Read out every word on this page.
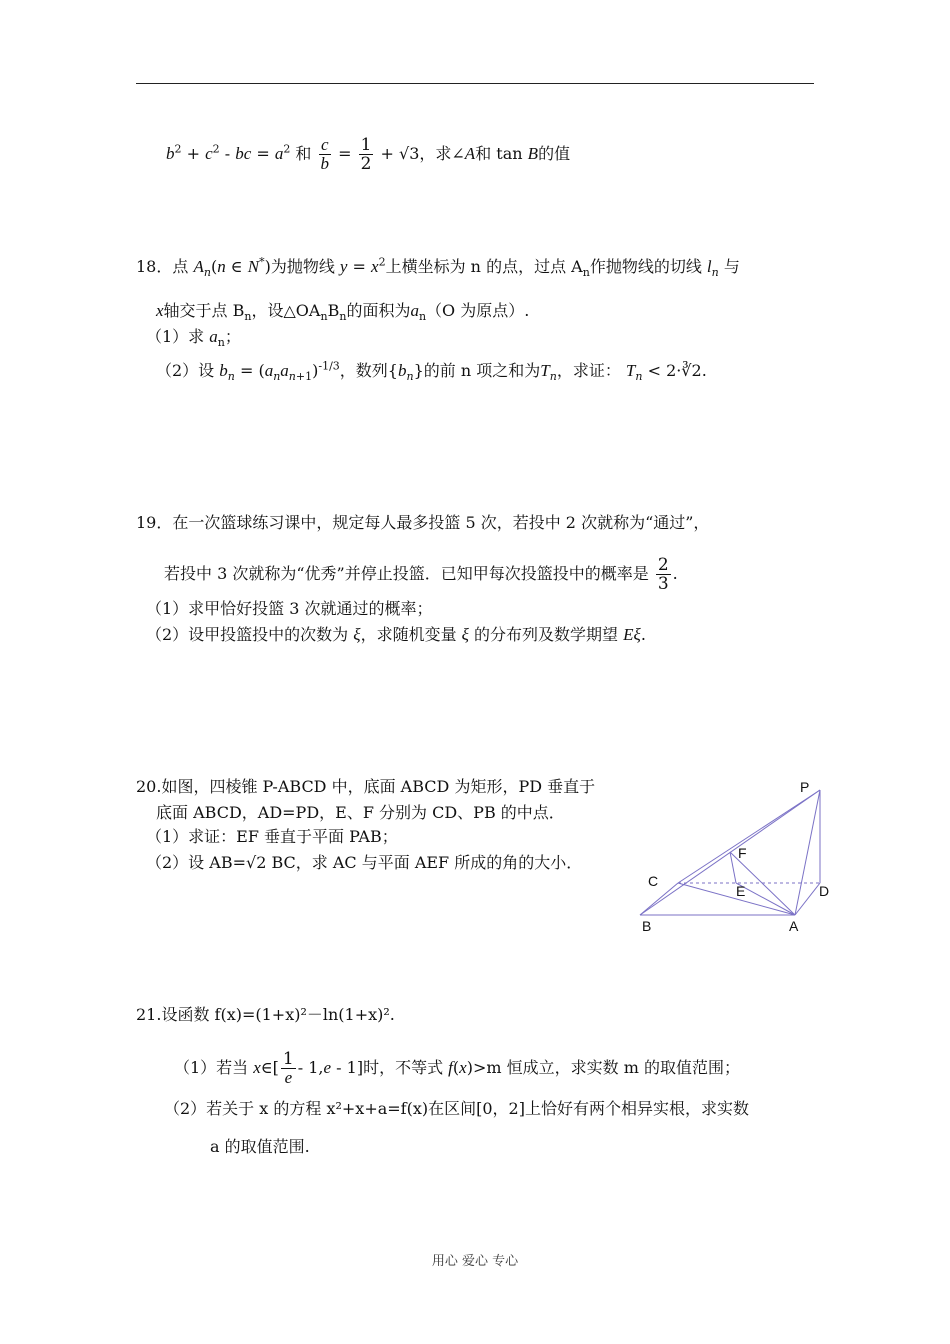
$b^2 + c^2$ - bc = $a^2$ 和 $\frac{c}{b} = \frac{1}{2} + √3$，求∠A和 tan B的值
18．点 $A_n(n$ ∈ N*)为抛物线 $y = x^2$上横坐标为 n 的点，过点 $A_n$作抛物线的切线 $l_n$ 与
x轴交于点 $B_n$，设$\triangle OA_nB_n$的面积为$a_n(O$ 为原点）.
（1）求 $a_n$；
（2）设 $b_n = (a_na_{n+1})^{-1/3}$，数列$\{b_n\}$的前 n 项之和为$T_n$，求证： $T_n$ < 2·∛2.
19．在一次篮球练习课中，规定每人最多投篮 5 次，若投中 2 次就称为“通过”，
若投中 3 次就称为“优秀”并停止投篮．已知甲每次投篮投中的概率是 $\frac{2}{3}$ .
（1）求甲恰好投篮 3 次就通过的概率；
（2）设甲投篮投中的次数为 ξ，求随机变量 ξ 的分布列及数学期望 Eξ.
20.如图，四棱锥 P-ABCD 中，底面 ABCD 为矩形，PD 垂直于
底面 ABCD，AD=PD，E、F 分别为 CD、PB 的中点．
（1）求证：EF 垂直于平面 PAB；
（2）设 AB=√2 BC，求 AC 与平面 AEF 所成的角的大小．
P
F
C
E	D
B	A
21.设函数 f(x)=(1+x)²－ln(1+x)².
（1）若当 x∈[ $\frac{1}{e} - 1,e - 1$]时，不等式 f(x)>m 恒成立，求实数 m 的取值范围；
（2）若关于 x 的方程 x²+x+a=f(x)在区间[0，2]上恰好有两个相异实根，求实数
a 的取值范围.
用心 爱心 专心
